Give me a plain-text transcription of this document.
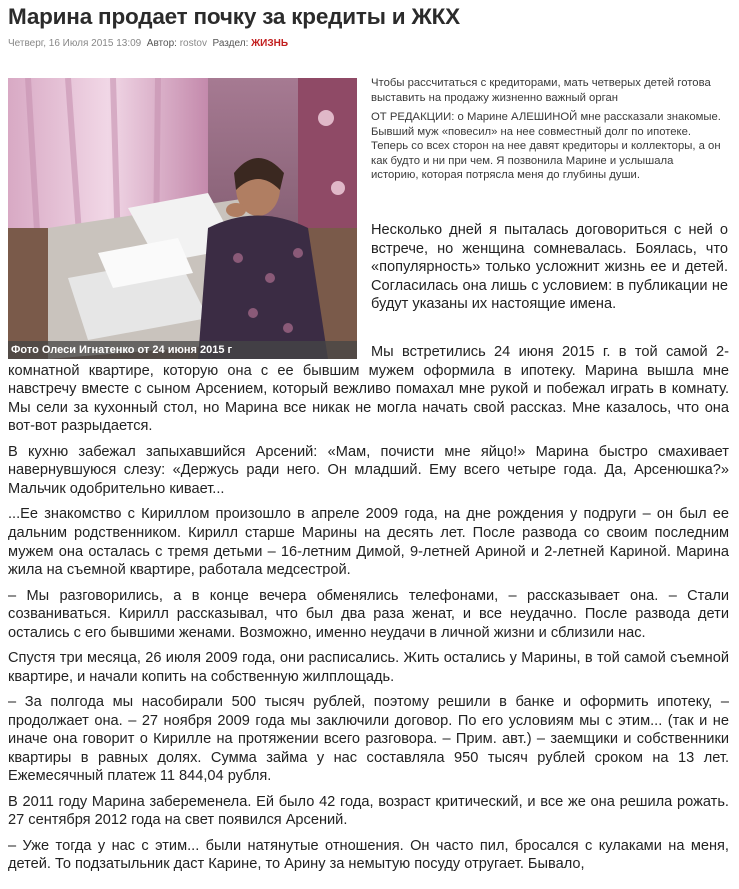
Марина продает почку за кредиты и ЖКХ
Четверг, 16 Июля 2015 13:09 Автор: rostov Раздел: ЖИЗНЬ
Фото Олеси Игнатенко от 24 июня 2015 г

Чтобы рассчитаться с кредиторами, мать четверых детей готова выставить на продажу жизненно важный орган

ОТ РЕДАКЦИИ: о Марине АЛЕШИНОЙ мне рассказали знакомые. Бывший муж «повесил» на нее совместный долг по ипотеке. Теперь со всех сторон на нее давят кредиторы и коллекторы, а он как будто и ни при чем. Я позвонила Марине и услышала историю, которая потрясла меня до глубины души.

Несколько дней я пыталась договориться с ней о встрече, но женщина сомневалась. Боялась, что «популярность» только усложнит жизнь ее и детей. Согласилась она лишь с условием: в публикации не будут указаны их настоящие имена.

Мы встретились 24 июня 2015 г. в той самой 2-комнатной квартире, которую она с ее бывшим мужем оформила в ипотеку. Марина вышла мне навстречу вместе с сыном Арсением, который вежливо помахал мне рукой и побежал играть в комнату. Мы сели за кухонный стол, но Марина все никак не могла начать свой рассказ. Мне казалось, что она вот-вот разрыдается.

В кухню забежал запыхавшийся Арсений: «Мам, почисти мне яйцо!» Марина быстро смахивает навернувшуюся слезу: «Держусь ради него. Он младший. Ему всего четыре года. Да, Арсенюшка?» Мальчик одобрительно кивает...

...Ее знакомство с Кириллом произошло в апреле 2009 года, на дне рождения у подруги – он был ее дальним родственником. Кирилл старше Марины на десять лет. После развода со своим последним мужем она осталась с тремя детьми – 16-летним Димой, 9-летней Ариной и 2-летней Кариной. Марина жила на съемной квартире, работала медсестрой.

– Мы разговорились, а в конце вечера обменялись телефонами, – рассказывает она. – Стали созваниваться. Кирилл рассказывал, что был два раза женат, и все неудачно. После развода дети остались с его бывшими женами. Возможно, именно неудачи в личной жизни и сблизили нас.

Спустя три месяца, 26 июля 2009 года, они расписались. Жить остались у Марины, в той самой съемной квартире, и начали копить на собственную жилплощадь.

– За полгода мы насобирали 500 тысяч рублей, поэтому решили в банке и оформить ипотеку, – продолжает она. – 27 ноября 2009 года мы заключили договор. По его условиям мы с этим... (так и не иначе она говорит о Кирилле на протяжении всего разговора. – Прим. авт.) – заемщики и собственники квартиры в равных долях. Сумма займа у нас составляла 950 тысяч рублей сроком на 13 лет. Ежемесячный платеж 11 844,04 рубля.

В 2011 году Марина забеременела. Ей было 42 года, возраст критический, и все же она решила рожать. 27 сентября 2012 года на свет появился Арсений.

– Уже тогда у нас с этим... были натянутые отношения. Он часто пил, бросался с кулаками на меня, детей. То подзатыльник даст Карине, то Арину за немытую посуду отругает. Бывало,
